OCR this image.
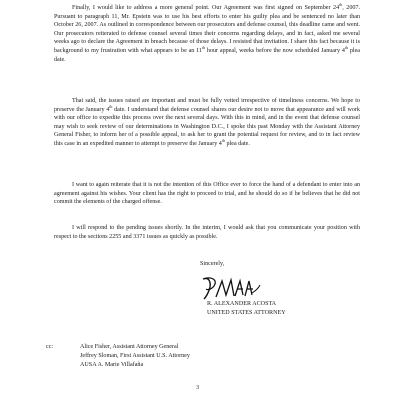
Finally, I would like to address a more general point. Our Agreement was first signed on September 24th, 2007. Pursuant to paragraph 11, Mr. Epstein was to use his best efforts to enter his guilty plea and be sentenced no later than October 26, 2007. As outlined in correspondence between our prosecutors and defense counsel, this deadline came and went. Our prosecutors reiterated to defense counsel several times their concerns regarding delays, and in fact, asked me several weeks ago to declare the Agreement in breach because of those delays. I resisted that invitation. I share this fact because it is background to my frustration with what appears to be an 11th hour appeal, weeks before the now scheduled January 4th plea date.

That said, the issues raised are important and must be fully vetted irrespective of timeliness concerns. We hope to preserve the January 4th date. I understand that defense counsel shares our desire not to move that appearance and will work with our office to expedite this process over the next several days. With this in mind, and in the event that defense counsel may wish to seek review of our determinations in Washington D.C., I spoke this past Monday with the Assistant Attorney General Fisher, to inform her of a possible appeal, to ask her to grant the potential request for review, and to in fact review this case in an expedited manner to attempt to preserve the January 4th plea date.

I want to again reiterate that it is not the intention of this Office ever to force the hand of a defendant to enter into an agreement against his wishes. Your client has the right to proceed to trial, and he should do so if he believes that he did not commit the elements of the charged offense.

I will respond to the pending issues shortly. In the interim, I would ask that you communicate your position with respect to the sections 2255 and 3371 issues as quickly as possible.

Sincerely,
R. ALEXANDER ACOSTA
UNITED STATES ATTORNEY
cc:	Alice Fisher, Assistant Attorney General
Jeffrey Sloman, First Assistant U.S. Attorney
AUSA A. Marie Villafaña
3
